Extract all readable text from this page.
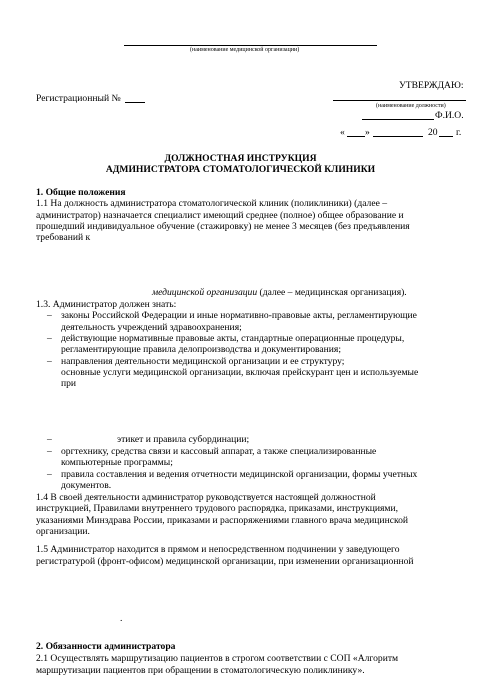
(наименование медицинской организации)
УТВЕРЖДАЮ:
Регистрационный №
(наименование должности)
Ф.И.О.
« »	20 г.
ДОЛЖНОСТНАЯ ИНСТРУКЦИЯ
АДМИНИСТРАТОРА СТОМАТОЛОГИЧЕСКОЙ КЛИНИКИ
1. Общие положения
1.1 На должность администратора стоматологической клиник (поликлиники) (далее –
администратор) назначается специалист имеющий среднее (полное) общее образование и
прошедший индивидуальное обучение (стажировку) не менее 3 месяцев (без предъявления
требований к
медицинской организации (далее – медицинская организация).
1.3. Администратор должен знать:
– законы Российской Федерации и иные нормативно-правовые акты, регламентирующие
деятельность учреждений здравоохранения;
– действующие нормативные правовые акты, стандартные операционные процедуры,
регламентирующие правила делопроизводства и документирования;
– направления деятельности медицинской организации и ее структуру;
основные услуги медицинской организации, включая прейскурант цен и используемые
при
–	этикет и правила субординации;
– оргтехнику, средства связи и кассовый аппарат, а также специализированные
компьютерные программы;
– правила составления и ведения отчетности медицинской организации, формы учетных
документов.
1.4 В своей деятельности администратор руководствуется настоящей должностной
инструкцией, Правилами внутреннего трудового распорядка, приказами, инструкциями,
указаниями Минздрава России, приказами и распоряжениями главного врача медицинской
организации.
1.5 Администратор находится в прямом и непосредственном подчинении у заведующего
регистратурой (фронт-офисом) медицинской организации, при изменении организационной
.
2. Обязанности администратора
2.1 Осуществлять маршрутизацию пациентов в строгом соответствии с СОП «Алгоритм
маршрутизации пациентов при обращении в стоматологическую поликлинику».
